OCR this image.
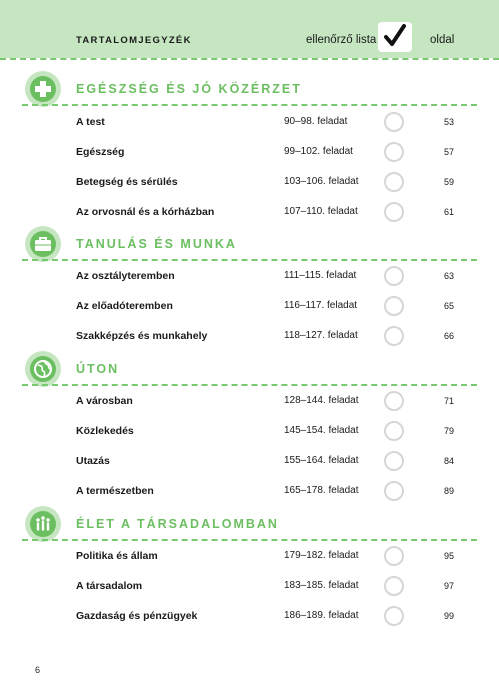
TARTALOMJEGYZÉK	ellenőrző lista	oldal
EGÉSZSÉG ÉS JÓ KÖZÉRZET
A test	90–98. feladat	53
Egészség	99–102. feladat	57
Betegség és sérülés	103–106. feladat	59
Az orvosnál és a kórházban	107–110. feladat	61
TANULÁS ÉS MUNKA
Az osztályteremben	111–115. feladat	63
Az előadóteremben	116–117. feladat	65
Szakképzés és munkahely	118–127. feladat	66
ÚTON
A városban	128–144. feladat	71
Közlekedés	145–154. feladat	79
Utazás	155–164. feladat	84
A természetben	165–178. feladat	89
ÉLET A TÁRSADALOMBAN
Politika és állam	179–182. feladat	95
A társadalom	183–185. feladat	97
Gazdaság és pénzügyek	186–189. feladat	99
6
